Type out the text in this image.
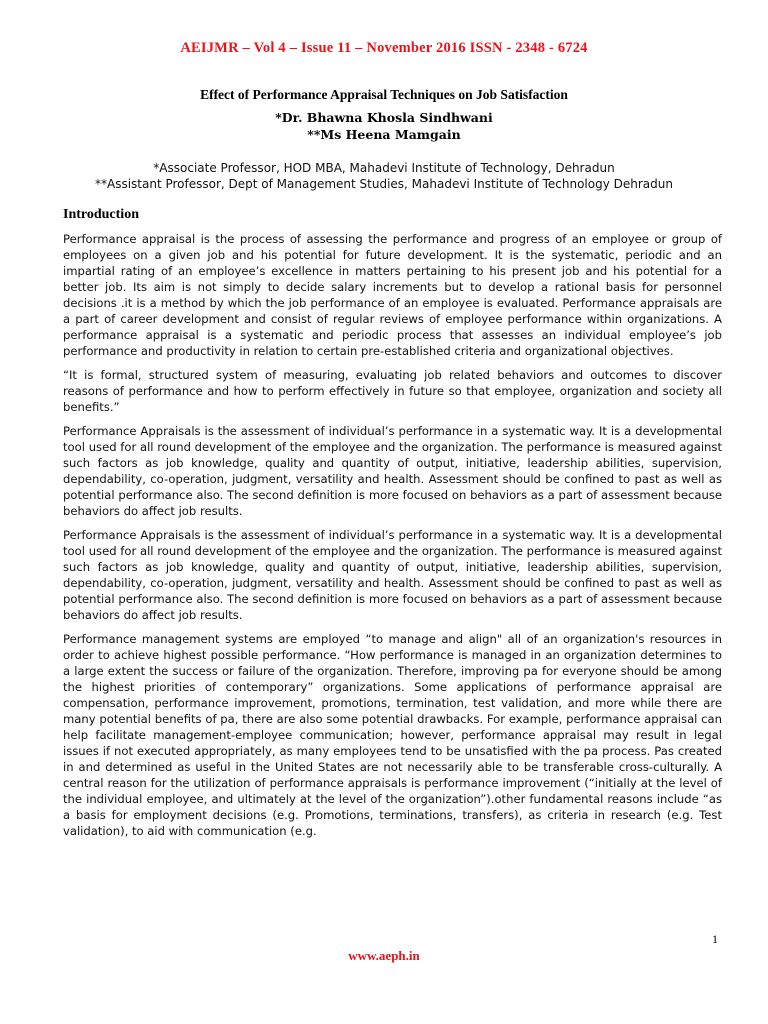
AEIJMR – Vol 4 – Issue 11 – November 2016 ISSN - 2348 - 6724
Effect of Performance Appraisal Techniques on Job Satisfaction
*Dr. Bhawna Khosla Sindhwani
**Ms Heena Mamgain
*Associate Professor, HOD MBA, Mahadevi Institute of Technology, Dehradun
**Assistant Professor, Dept of Management Studies, Mahadevi Institute of Technology Dehradun
Introduction

Performance appraisal is the process of assessing the performance and progress of an employee or group of employees on a given job and his potential for future development. It is the systematic, periodic and an impartial rating of an employee’s excellence in matters pertaining to his present job and his potential for a better job. Its aim is not simply to decide salary increments but to develop a rational basis for personnel decisions .it is a method by which the job performance of an employee is evaluated. Performance appraisals are a part of career development and consist of regular reviews of employee performance within organizations. A performance appraisal is a systematic and periodic process that assesses an individual employee’s job performance and productivity in relation to certain pre-established criteria and organizational objectives.

“It is formal, structured system of measuring, evaluating job related behaviors and outcomes to discover reasons of performance and how to perform effectively in future so that employee, organization and society all benefits.”

Performance Appraisals is the assessment of individual’s performance in a systematic way. It is a developmental tool used for all round development of the employee and the organization. The performance is measured against such factors as job knowledge, quality and quantity of output, initiative, leadership abilities, supervision, dependability, co-operation, judgment, versatility and health. Assessment should be confined to past as well as potential performance also. The second definition is more focused on behaviors as a part of assessment because behaviors do affect job results.

Performance Appraisals is the assessment of individual’s performance in a systematic way. It is a developmental tool used for all round development of the employee and the organization. The performance is measured against such factors as job knowledge, quality and quantity of output, initiative, leadership abilities, supervision, dependability, co-operation, judgment, versatility and health. Assessment should be confined to past as well as potential performance also. The second definition is more focused on behaviors as a part of assessment because behaviors do affect job results.

Performance management systems are employed “to manage and align" all of an organization's resources in order to achieve highest possible performance. “How performance is managed in an organization determines to a large extent the success or failure of the organization. Therefore, improving pa for everyone should be among the highest priorities of contemporary” organizations. Some applications of performance appraisal are compensation, performance improvement, promotions, termination, test validation, and more while there are many potential benefits of pa, there are also some potential drawbacks. For example, performance appraisal can help facilitate management-employee communication; however, performance appraisal may result in legal issues if not executed appropriately, as many employees tend to be unsatisfied with the pa process. Pas created in and determined as useful in the United States are not necessarily able to be transferable cross-culturally. A central reason for the utilization of performance appraisals is performance improvement (“initially at the level of the individual employee, and ultimately at the level of the organization”).other fundamental reasons include “as a basis for employment decisions (e.g. Promotions, terminations, transfers), as criteria in research (e.g. Test validation), to aid with communication (e.g.

1
www.aeph.in
